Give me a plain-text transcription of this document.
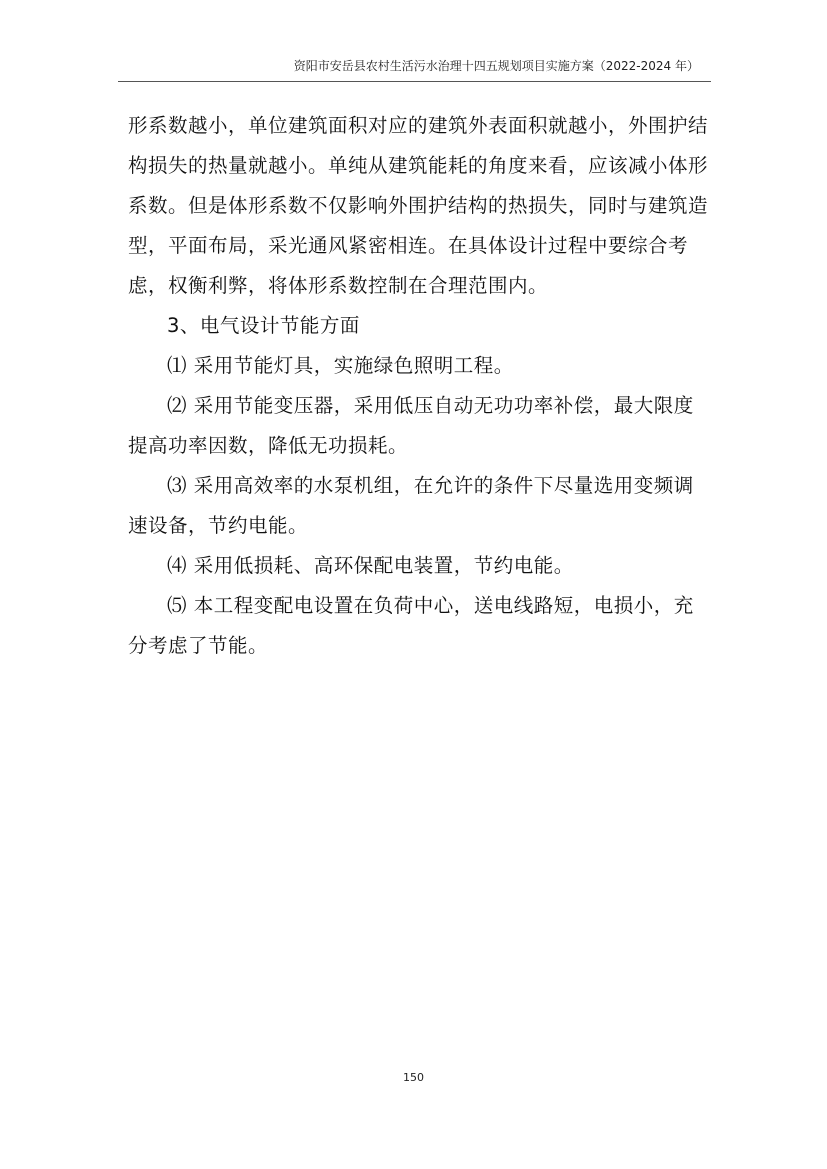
资阳市安岳县农村生活污水治理十四五规划项目实施方案（2022-2024 年）

形系数越小，单位建筑面积对应的建筑外表面积就越小，外围护结构损失的热量就越小。单纯从建筑能耗的角度来看，应该减小体形系数。但是体形系数不仅影响外围护结构的热损失，同时与建筑造型，平面布局，采光通风紧密相连。在具体设计过程中要综合考虑，权衡利弊，将体形系数控制在合理范围内。

3、电气设计节能方面

⑴ 采用节能灯具，实施绿色照明工程。

⑵ 采用节能变压器，采用低压自动无功功率补偿，最大限度提高功率因数，降低无功损耗。

⑶ 采用高效率的水泵机组，在允许的条件下尽量选用变频调速设备，节约电能。

⑷ 采用低损耗、高环保配电装置，节约电能。

⑸ 本工程变配电设置在负荷中心，送电线路短，电损小，充分考虑了节能。

150
